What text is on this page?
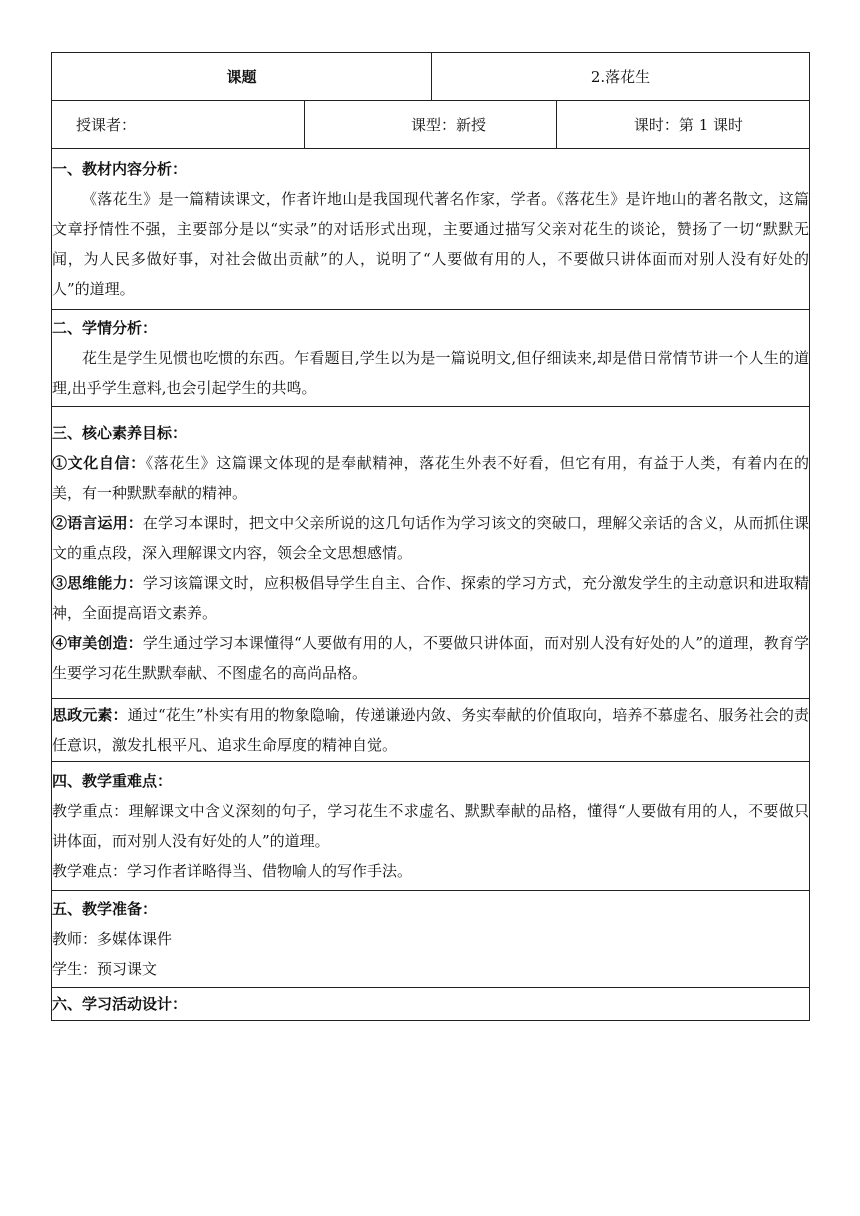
课题		2.落花生	
授课者：	课型：新授		课时：第 1 课时

一、教材内容分析：

《落花生》是一篇精读课文，作者许地山是我国现代著名作家，学者。《落花生》是许地山的著名散文，这篇文章抒情性不强，主要部分是以“实录”的对话形式出现，主要通过描写父亲对花生的谈论，赞扬了一切“默默无闻，为人民多做好事，对社会做出贡献”的人，说明了“人要做有用的人，不要做只讲体面而对别人没有好处的人”的道理。			

二、学情分析：

花生是学生见惯也吃惯的东西。乍看题目,学生以为是一篇说明文,但仔细读来,却是借日常情节讲一个人生的道理,出乎学生意料,也会引起学生的共鸣。			

三、核心素养目标：

①文化自信：《落花生》这篇课文体现的是奉献精神，落花生外表不好看，但它有用，有益于人类，有着内在的美，有一种默默奉献的精神。

②语言运用：在学习本课时，把文中父亲所说的这几句话作为学习该文的突破口，理解父亲话的含义，从而抓住课文的重点段，深入理解课文内容，领会全文思想感情。

③思维能力：学习该篇课文时，应积极倡导学生自主、合作、探索的学习方式，充分激发学生的主动意识和进取精神，全面提高语文素养。

④审美创造：学生通过学习本课懂得“人要做有用的人，不要做只讲体面，而对别人没有好处的人”的道理，教育学生要学习花生默默奉献、不图虚名的高尚品格。			

思政元素：通过“花生”朴实有用的物象隐喻，传递谦逊内敛、务实奉献的价值取向，培养不慕虚名、服务社会的责任意识，激发扎根平凡、追求生命厚度的精神自觉。			

四、教学重难点：

教学重点：理解课文中含义深刻的句子，学习花生不求虚名、默默奉献的品格，懂得“人要做有用的人，不要做只讲体面，而对别人没有好处的人”的道理。

教学难点：学习作者详略得当、借物喻人的写作手法。			

五、教学准备：

教师：多媒体课件

学生：预习课文			

六、学习活动设计：			
